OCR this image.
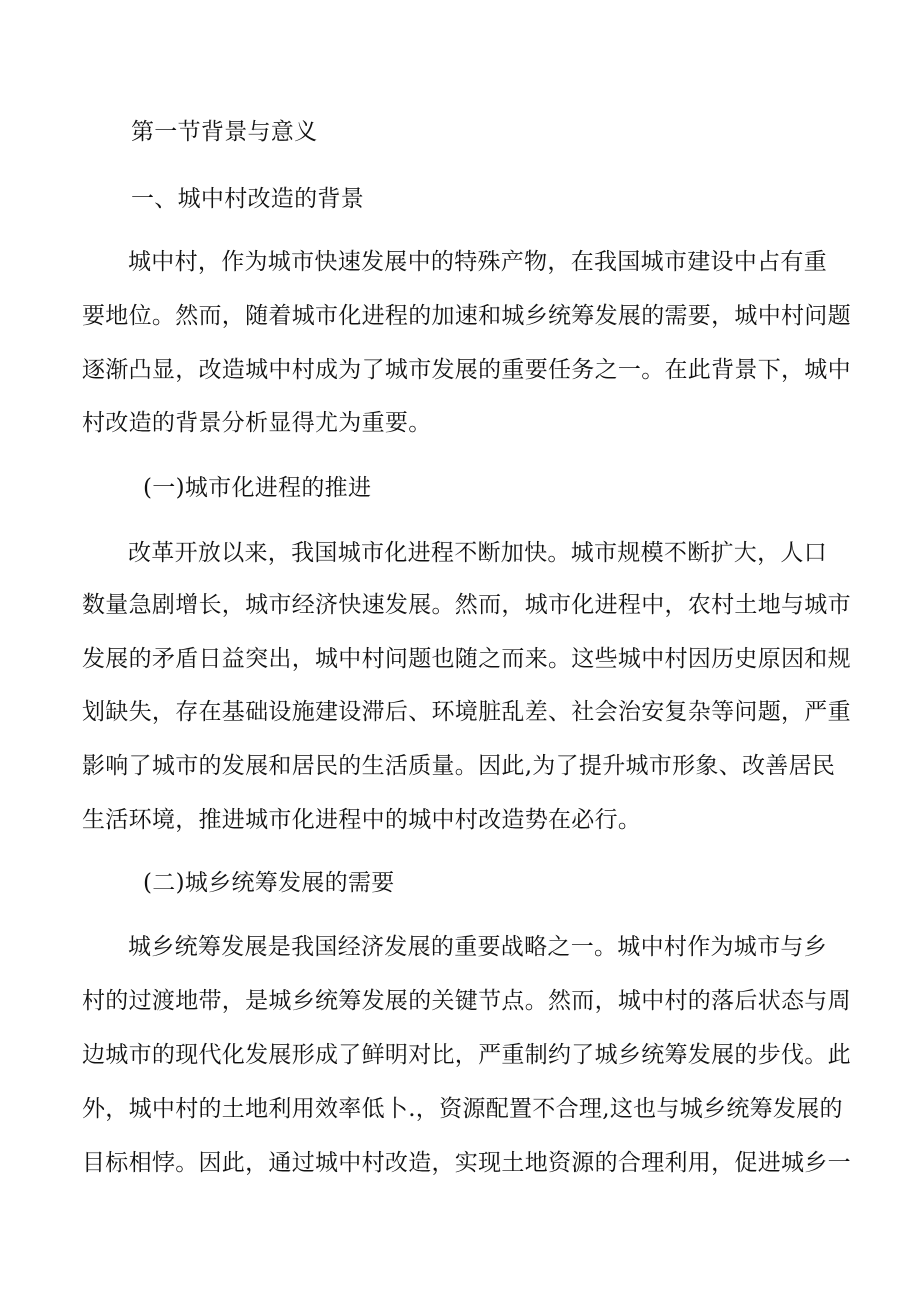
第一节背景与意义
一、城中村改造的背景
城中村，作为城市快速发展中的特殊产物，在我国城市建设中占有重
要地位。然而，随着城市化进程的加速和城乡统筹发展的需要，城中村问题
逐渐凸显，改造城中村成为了城市发展的重要任务之一。在此背景下，城中
村改造的背景分析显得尤为重要。
(一)城市化进程的推进
改革开放以来，我国城市化进程不断加快。城市规模不断扩大，人口
数量急剧增长，城市经济快速发展。然而，城市化进程中，农村土地与城市
发展的矛盾日益突出，城中村问题也随之而来。这些城中村因历史原因和规
划缺失，存在基础设施建设滞后、环境脏乱差、社会治安复杂等问题，严重
影响了城市的发展和居民的生活质量。因此,为了提升城市形象、改善居民
生活环境，推进城市化进程中的城中村改造势在必行。
(二)城乡统筹发展的需要
城乡统筹发展是我国经济发展的重要战略之一。城中村作为城市与乡
村的过渡地带，是城乡统筹发展的关键节点。然而，城中村的落后状态与周
边城市的现代化发展形成了鲜明对比，严重制约了城乡统筹发展的步伐。此
外，城中村的土地利用效率低卜.，资源配置不合理,这也与城乡统筹发展的
目标相悖。因此，通过城中村改造，实现土地资源的合理利用，促进城乡一
